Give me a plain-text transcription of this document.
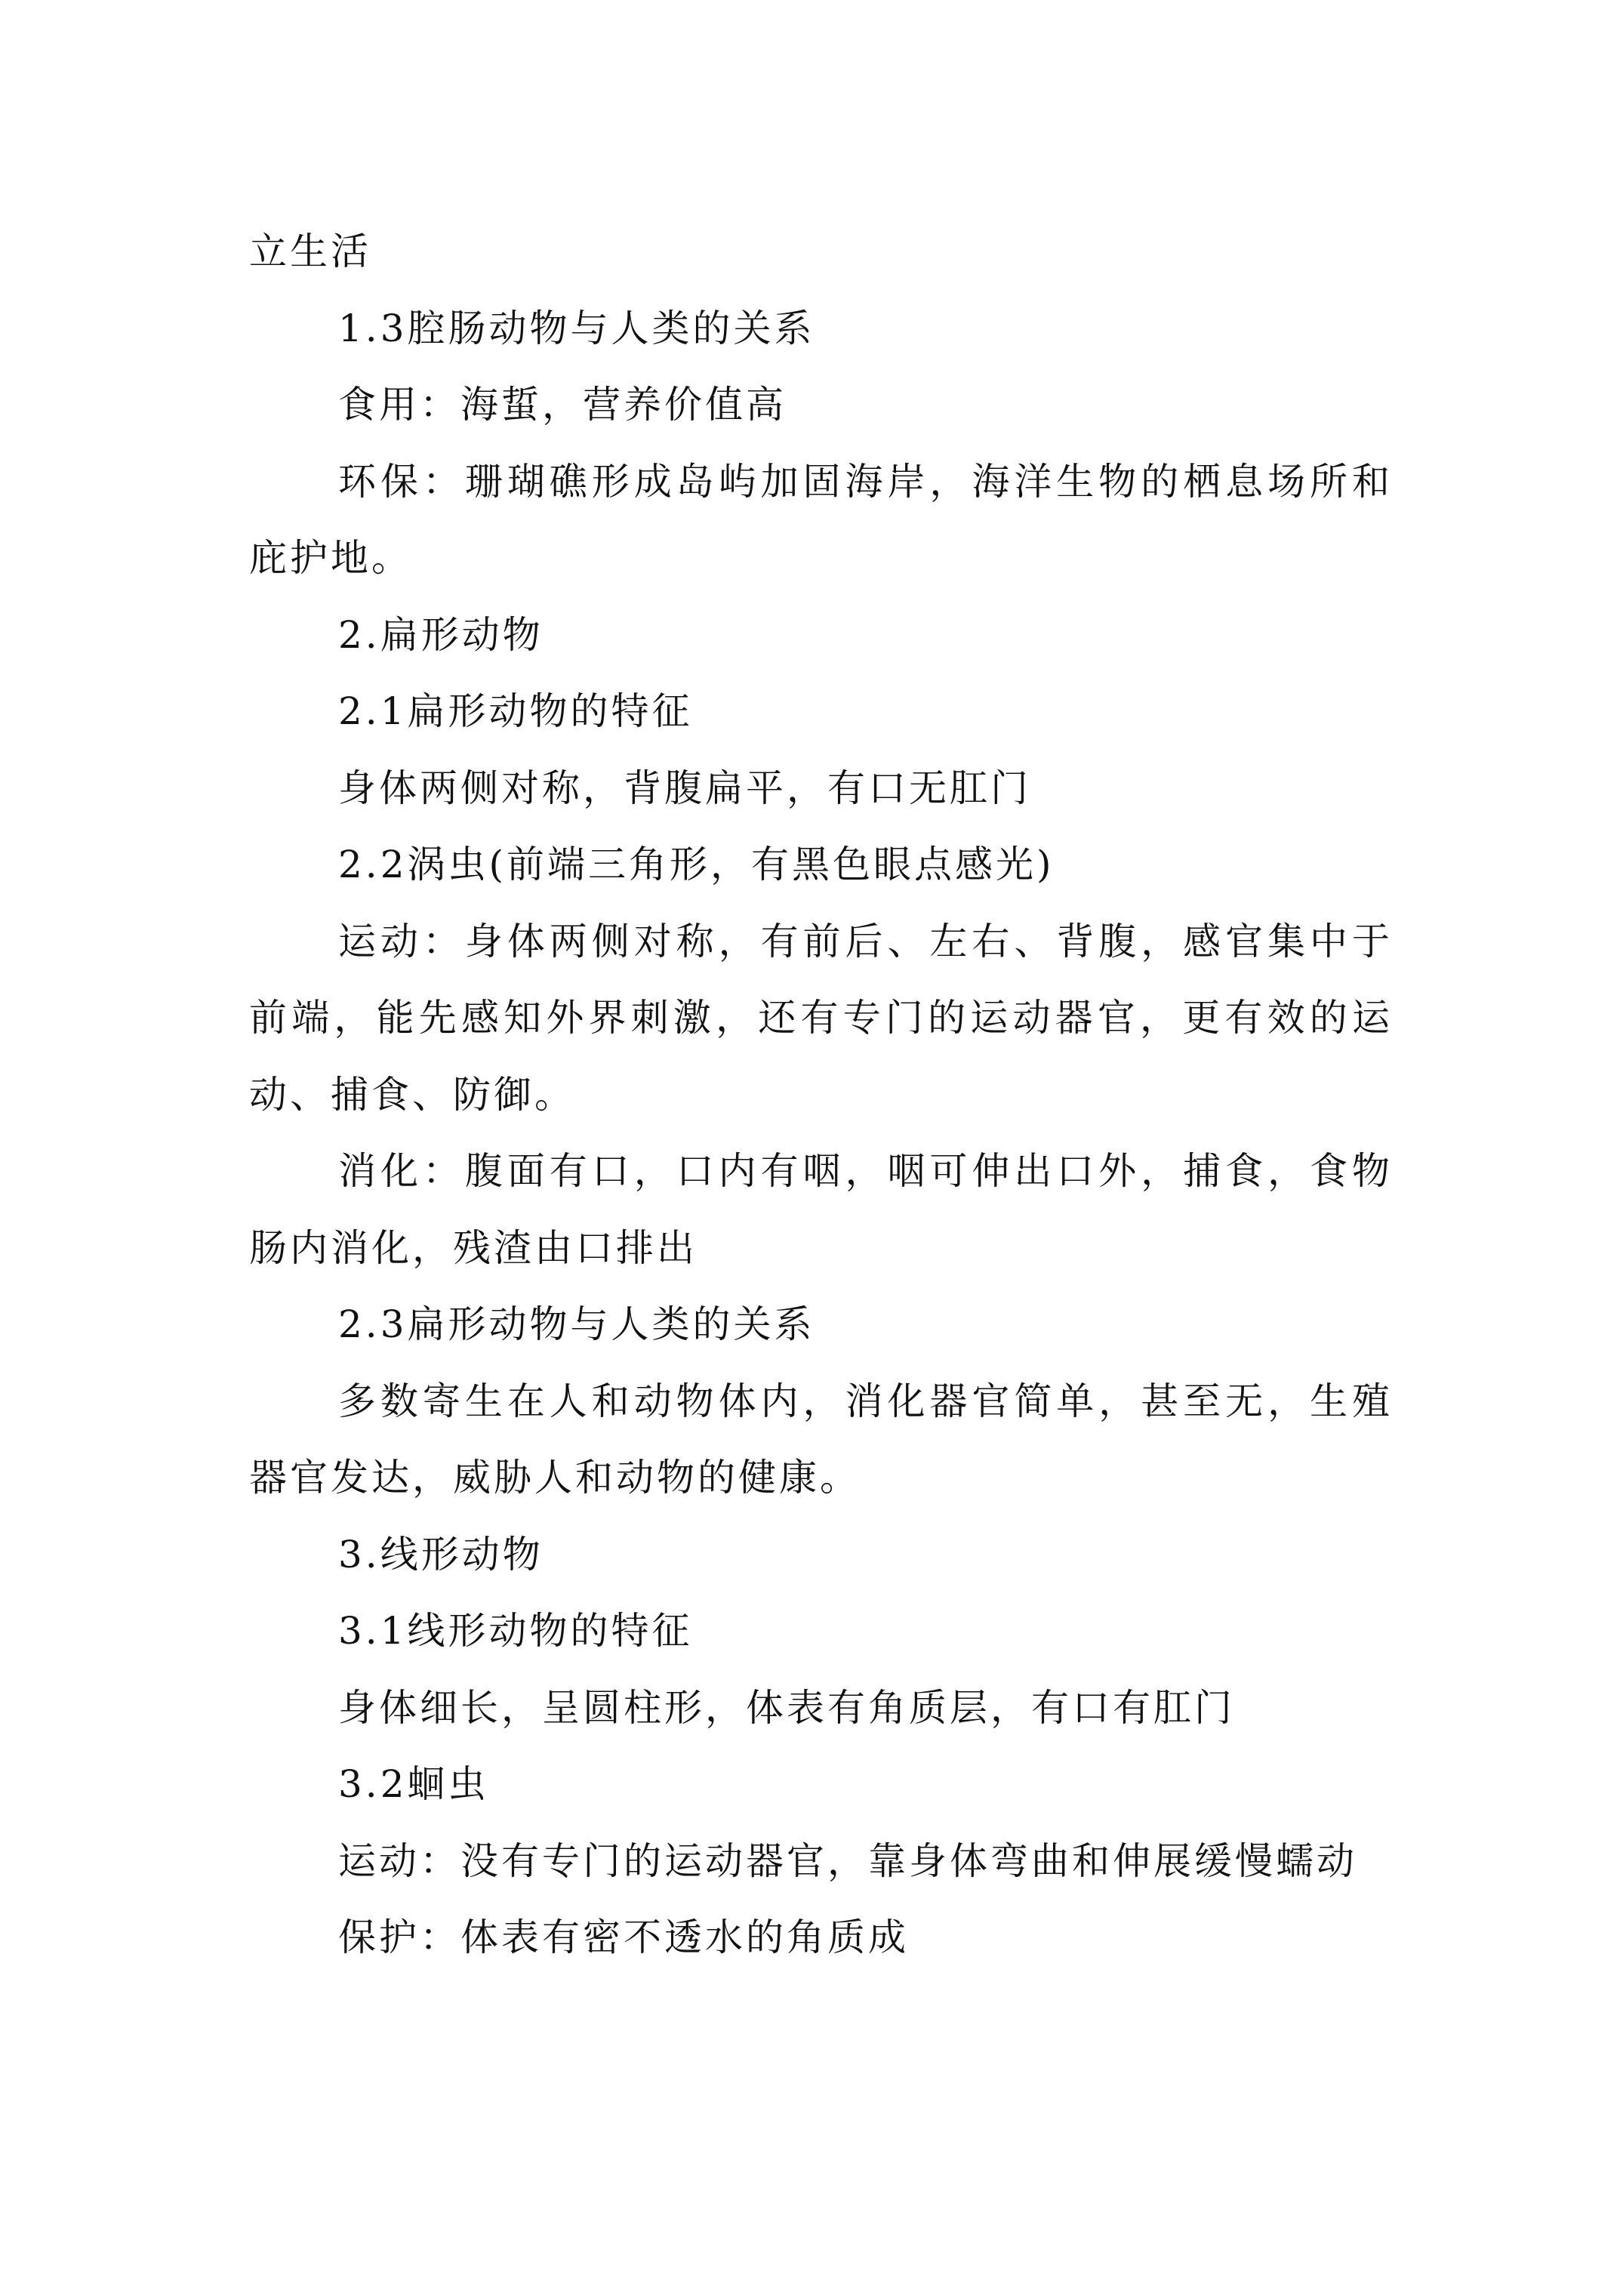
立生活

1.3腔肠动物与人类的关系

食用：海蜇，营养价值高

环保：珊瑚礁形成岛屿加固海岸，海洋生物的栖息场所和庇护地。

2.扁形动物

2.1扁形动物的特征

身体两侧对称，背腹扁平，有口无肛门

2.2涡虫(前端三角形，有黑色眼点感光)

运动：身体两侧对称，有前后、左右、背腹，感官集中于前端，能先感知外界刺激，还有专门的运动器官，更有效的运动、捕食、防御。

消化：腹面有口，口内有咽，咽可伸出口外，捕食，食物肠内消化，残渣由口排出

2.3扁形动物与人类的关系

多数寄生在人和动物体内，消化器官简单，甚至无，生殖器官发达，威胁人和动物的健康。

3.线形动物

3.1线形动物的特征

身体细长，呈圆柱形，体表有角质层，有口有肛门

3.2蛔虫

运动：没有专门的运动器官，靠身体弯曲和伸展缓慢蠕动

保护：体表有密不透水的角质成
